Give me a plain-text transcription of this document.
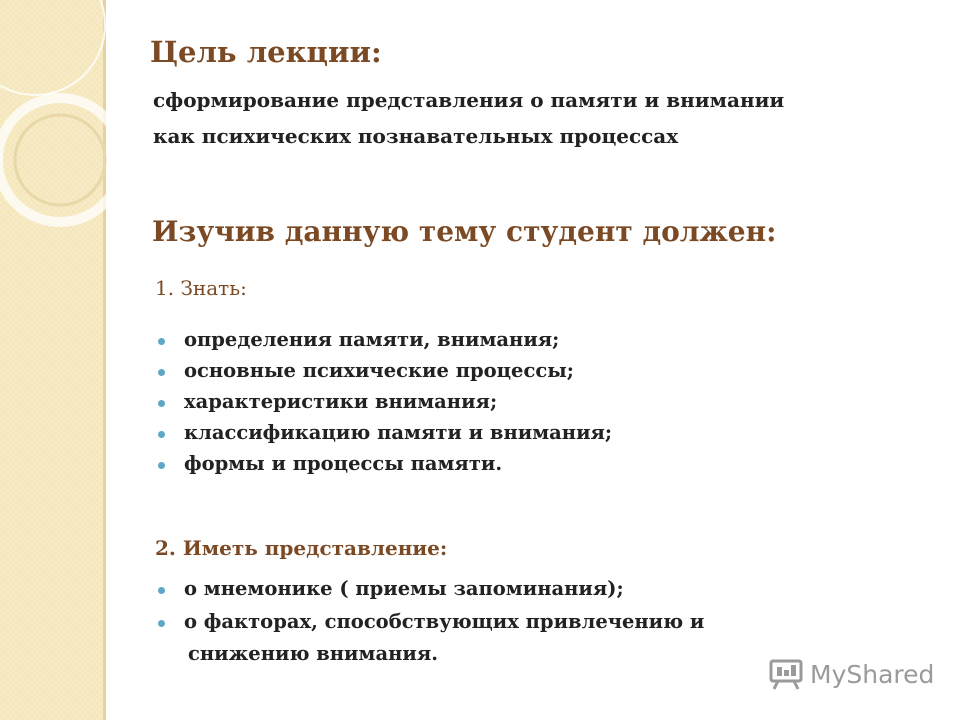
Цель лекции:
сформирование представления о памяти и внимании
как психических познавательных процессах
Изучив данную тему студент должен:
1. Знать:
определения памяти, внимания;
основные психические процессы;
характеристики внимания;
классификацию памяти и внимания;
формы и процессы памяти.
2. Иметь представление:
о мнемонике ( приемы запоминания);
о факторах, способствующих привлечению и
снижению внимания.
MyShared
